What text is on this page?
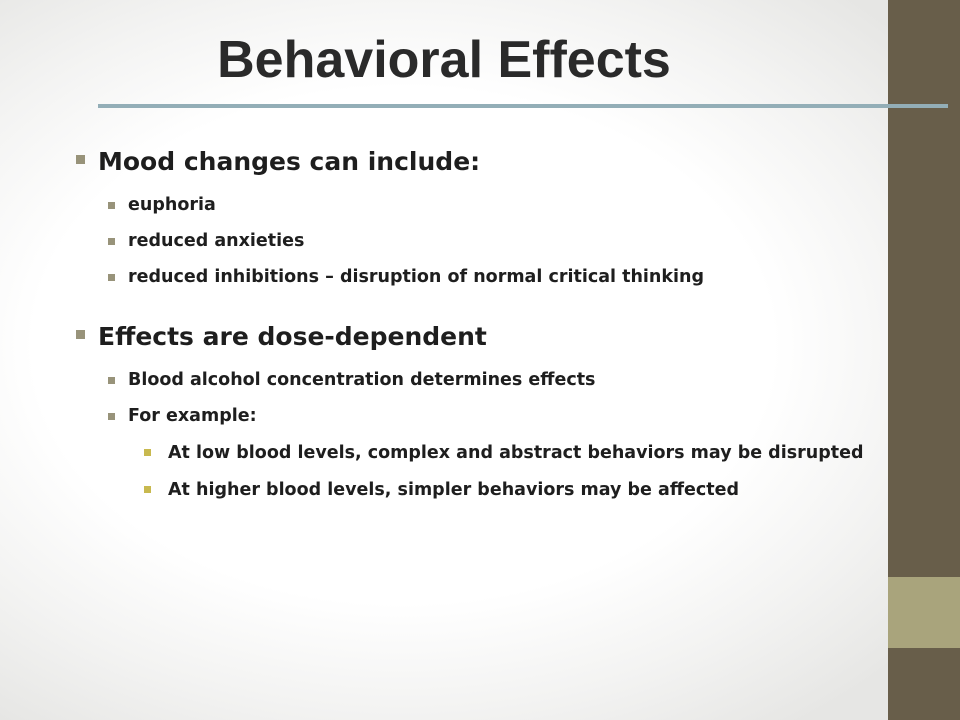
Behavioral Effects
Mood changes can include:
euphoria
reduced anxieties
reduced inhibitions – disruption of normal critical thinking
Effects are dose-dependent
Blood alcohol concentration determines effects
For example:
At low blood levels, complex and abstract behaviors may be disrupted
At higher blood levels, simpler behaviors may be affected
